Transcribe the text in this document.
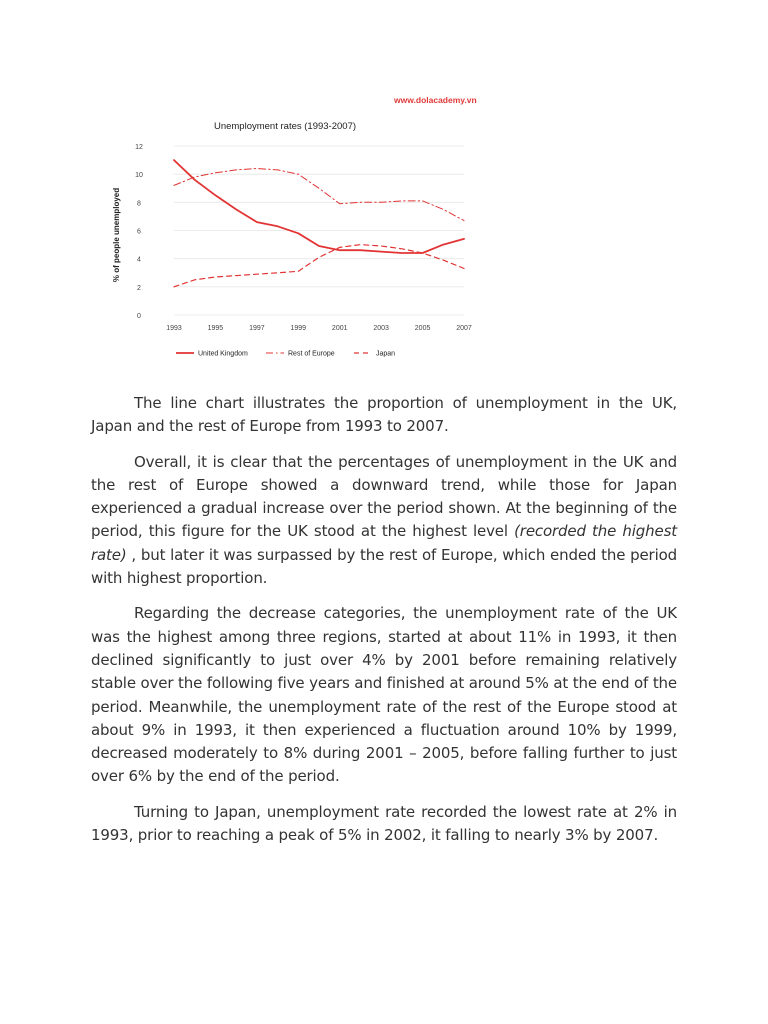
www.dolacademy.vn
0
2
4
6
8
10
12
1993	1995	1997	1999	2001	2003	2005	2007
Unemployment rates (1993-2007)
% of people unemployed
United Kingdom	Rest of Europe	Japan

The line chart illustrates the proportion of unemployment in the UK, Japan and the rest of Europe from 1993 to 2007.

Overall, it is clear that the percentages of unemployment in the UK and the rest of Europe showed a downward trend, while those for Japan experienced a gradual increase over the period shown. At the beginning of the period, this figure for the UK stood at the highest level (recorded the highest rate) , but later it was surpassed by the rest of Europe, which ended the period with highest proportion.

Regarding the decrease categories, the unemployment rate of the UK was the highest among three regions, started at about 11% in 1993, it then declined significantly to just over 4% by 2001 before remaining relatively stable over the following five years and finished at around 5% at the end of the period. Meanwhile, the unemployment rate of the rest of the Europe stood at about 9% in 1993, it then experienced a fluctuation around 10% by 1999, decreased moderately to 8% during 2001 – 2005, before falling further to just over 6% by the end of the period.

Turning to Japan, unemployment rate recorded the lowest rate at 2% in 1993, prior to reaching a peak of 5% in 2002, it falling to nearly 3% by 2007.
